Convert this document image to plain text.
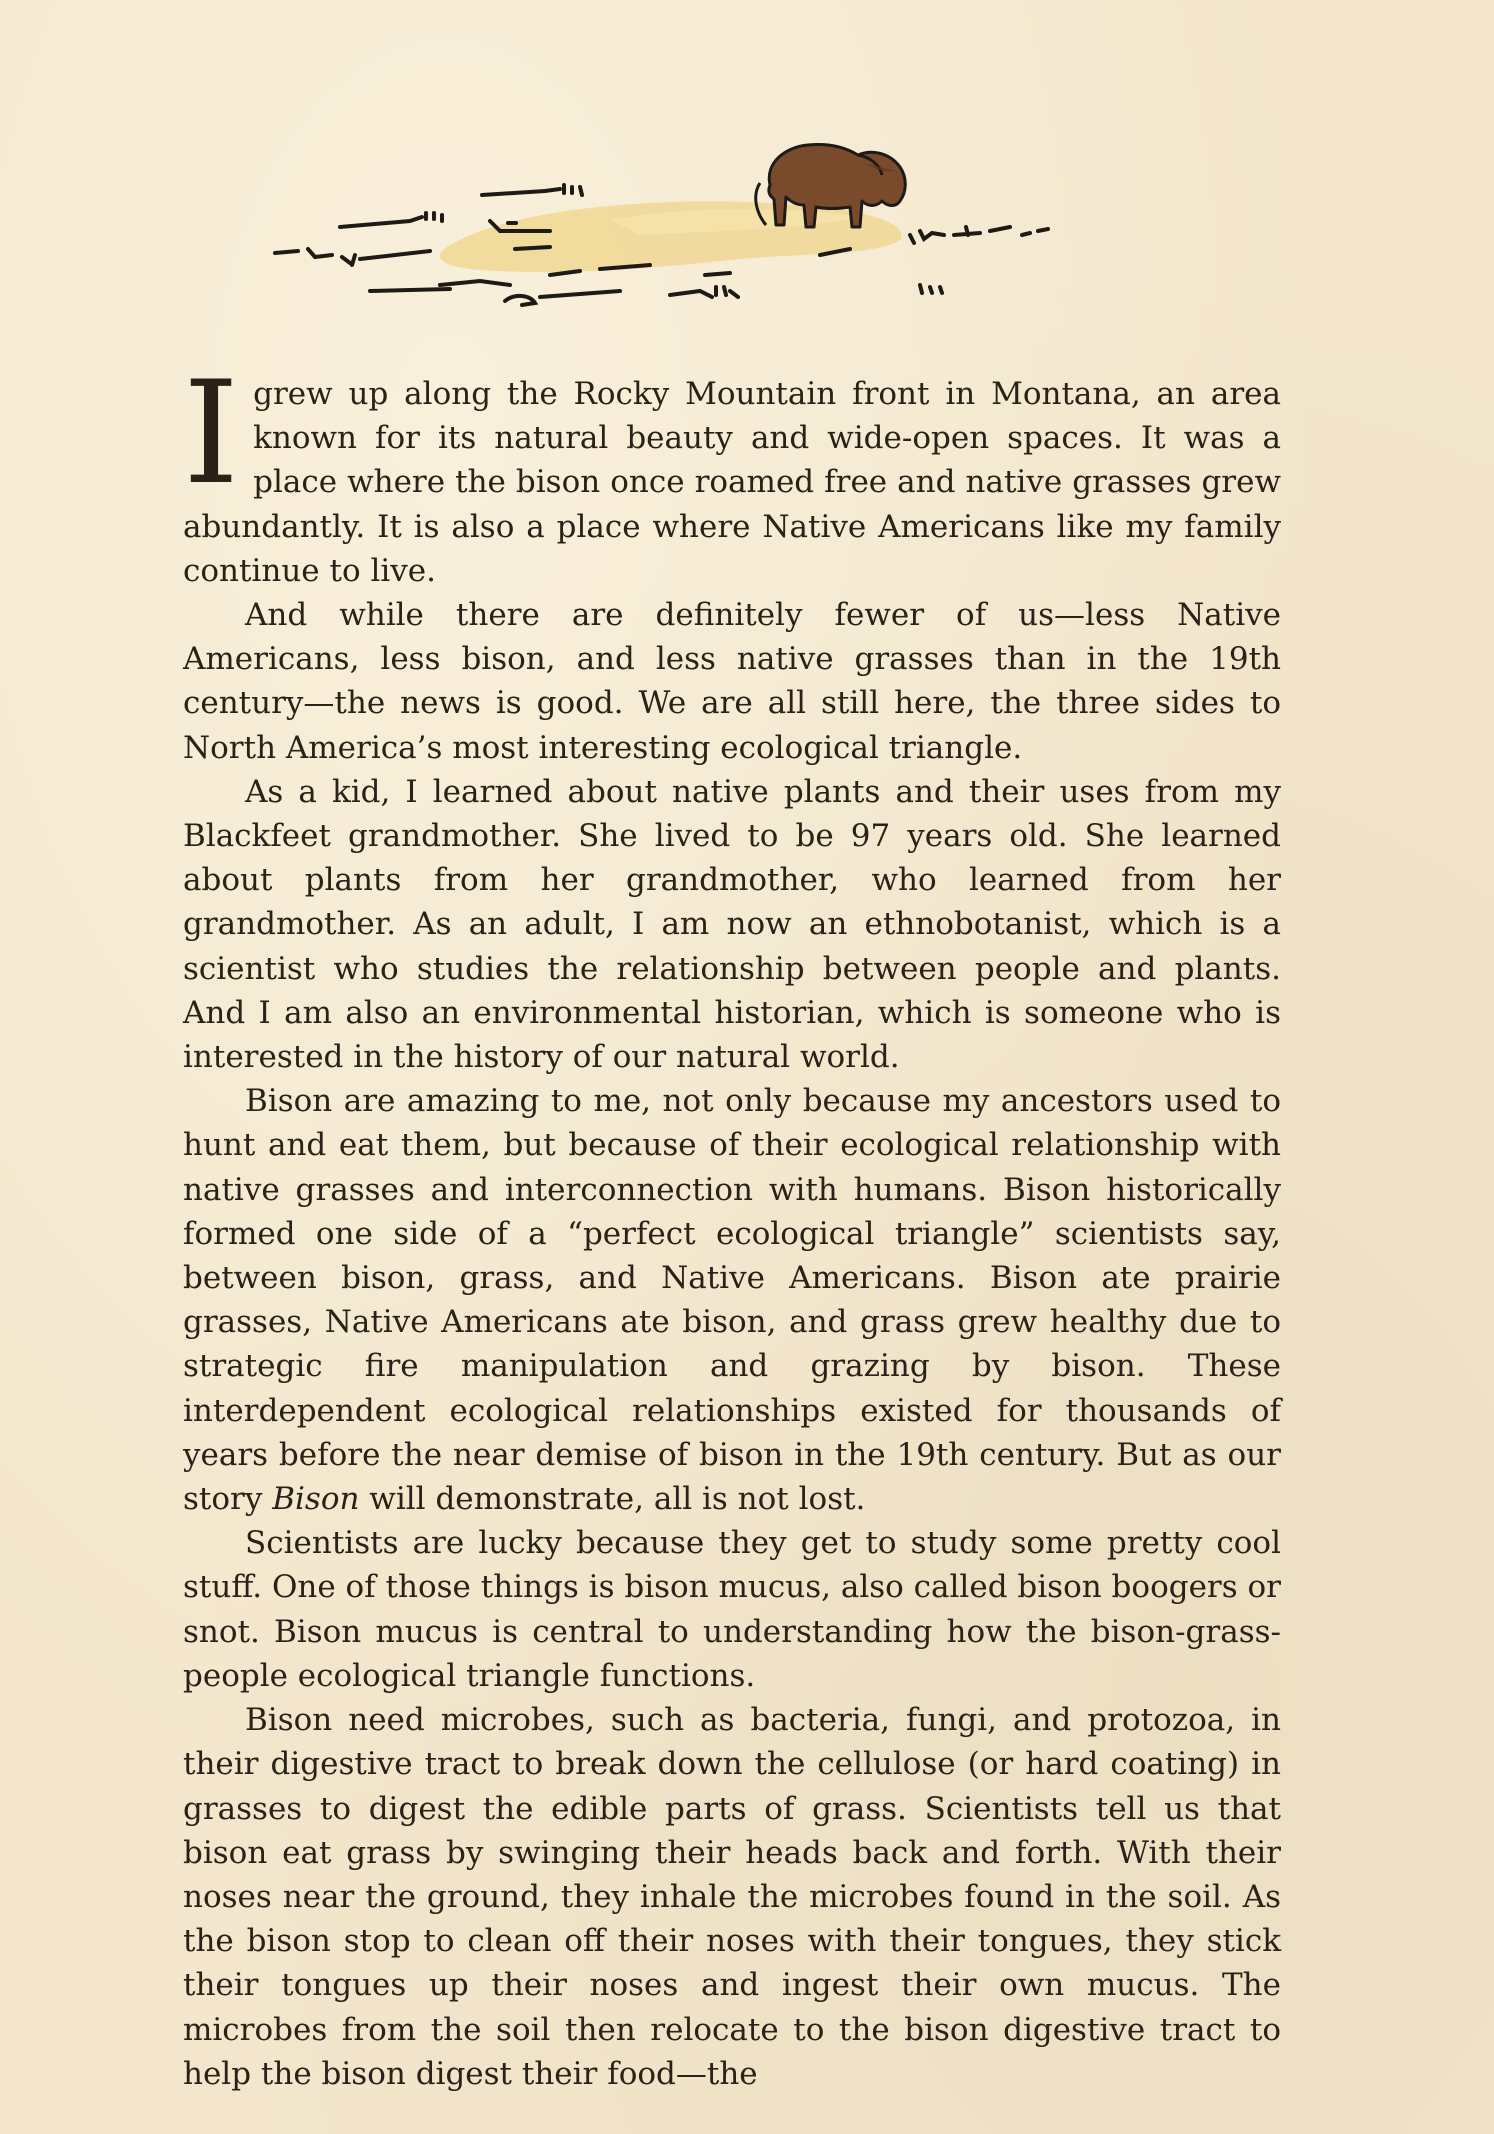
Igrew up along the Rocky Mountain front in Montana, an area known for its natural beauty and wide-open spaces. It was a place where the bison once roamed free and native grasses grew abundantly. It is also a place where Native Americans like my family continue to live.

And while there are definitely fewer of us—less Native Americans, less bison, and less native grasses than in the 19th century—the news is good. We are all still here, the three sides to North America’s most interesting ecological triangle.

As a kid, I learned about native plants and their uses from my Blackfeet grandmother. She lived to be 97 years old. She learned about plants from her grandmother, who learned from her grandmother. As an adult, I am now an ethnobotanist, which is a scientist who studies the relationship between people and plants. And I am also an environmental historian, which is someone who is interested in the history of our natural world.

Bison are amazing to me, not only because my ancestors used to hunt and eat them, but because of their ecological relationship with native grasses and interconnection with humans. Bison historically formed one side of a “perfect ecological triangle” scientists say, between bison, grass, and Native Americans. Bison ate prairie grasses, Native Americans ate bison, and grass grew healthy due to strategic fire manipulation and grazing by bison. These interdependent ecological relationships existed for thousands of years before the near demise of bison in the 19th century. But as our story Bison will demonstrate, all is not lost.

Scientists are lucky because they get to study some pretty cool stuff. One of those things is bison mucus, also called bison boogers or snot. Bison mucus is central to understanding how the bison-grass-people ecological triangle functions.

Bison need microbes, such as bacteria, fungi, and protozoa, in their digestive tract to break down the cellulose (or hard coating) in grasses to digest the edible parts of grass. Scientists tell us that bison eat grass by swinging their heads back and forth. With their noses near the ground, they inhale the microbes found in the soil. As the bison stop to clean off their noses with their tongues, they stick their tongues up their noses and ingest their own mucus. The microbes from the soil then relocate to the bison digestive tract to help the bison digest their food—the
